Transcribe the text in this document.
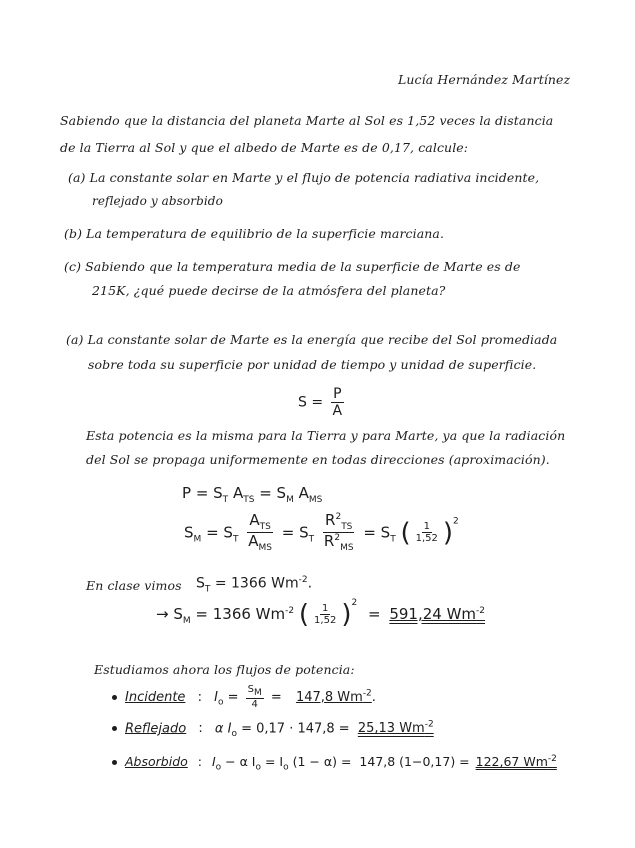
Lucía Hernández Martínez
Sabiendo que la distancia del planeta Marte al Sol es 1,52 veces la distancia
de la Tierra al Sol y que el albedo de Marte es de 0,17, calcule:
(a) La constante solar en Marte y el flujo de potencia radiativa incidente,
reflejado y absorbido
(b) La temperatura de equilibrio de la superficie marciana.
(c) Sabiendo que la temperatura media de la superficie de Marte es de
215K, ¿qué puede decirse de la atmósfera del planeta?
(a) La constante solar de Marte es la energía que recibe del Sol promediada
sobre toda su superficie por unidad de tiempo y unidad de superficie.
$S = \frac{P}{A}$
Esta potencia es la misma para la Tierra y para Marte, ya que la radiación
del Sol se propaga uniformemente en todas direcciones (aproximación).
$P = S_T$ $A_{TS} = S_M$ $A_{MS}$
$S_M = S_T \frac{A_{TS}}{A_{MS}} = S_T \frac{R^2_{TS}}{R^2_{MS}} = S_T$ ( $\frac{1}{1,52} )^2$
En clase vimos $S_T = 1366$ $Wm^{-2}$.
→ $S_M = 1366$ $Wm^{-2}$ ( $\frac{1}{1,52} )^2 = 591,24$ $Wm^{-2}$
Estudiamos ahora los flujos de potencia:
Incidente : $I_o = \frac{S_M}{4} = 147,8$ $Wm^{-2}$.
Reflejado : α $I_o = 0,17 \cdot 147,8 = 25,13$ $Wm^{-2}$
Absorbido : $I_o - \alpha$ $I_o = I_o$ (1 − α) = 147,8 (1−0,17) = 122,67 $Wm^{-2}$
